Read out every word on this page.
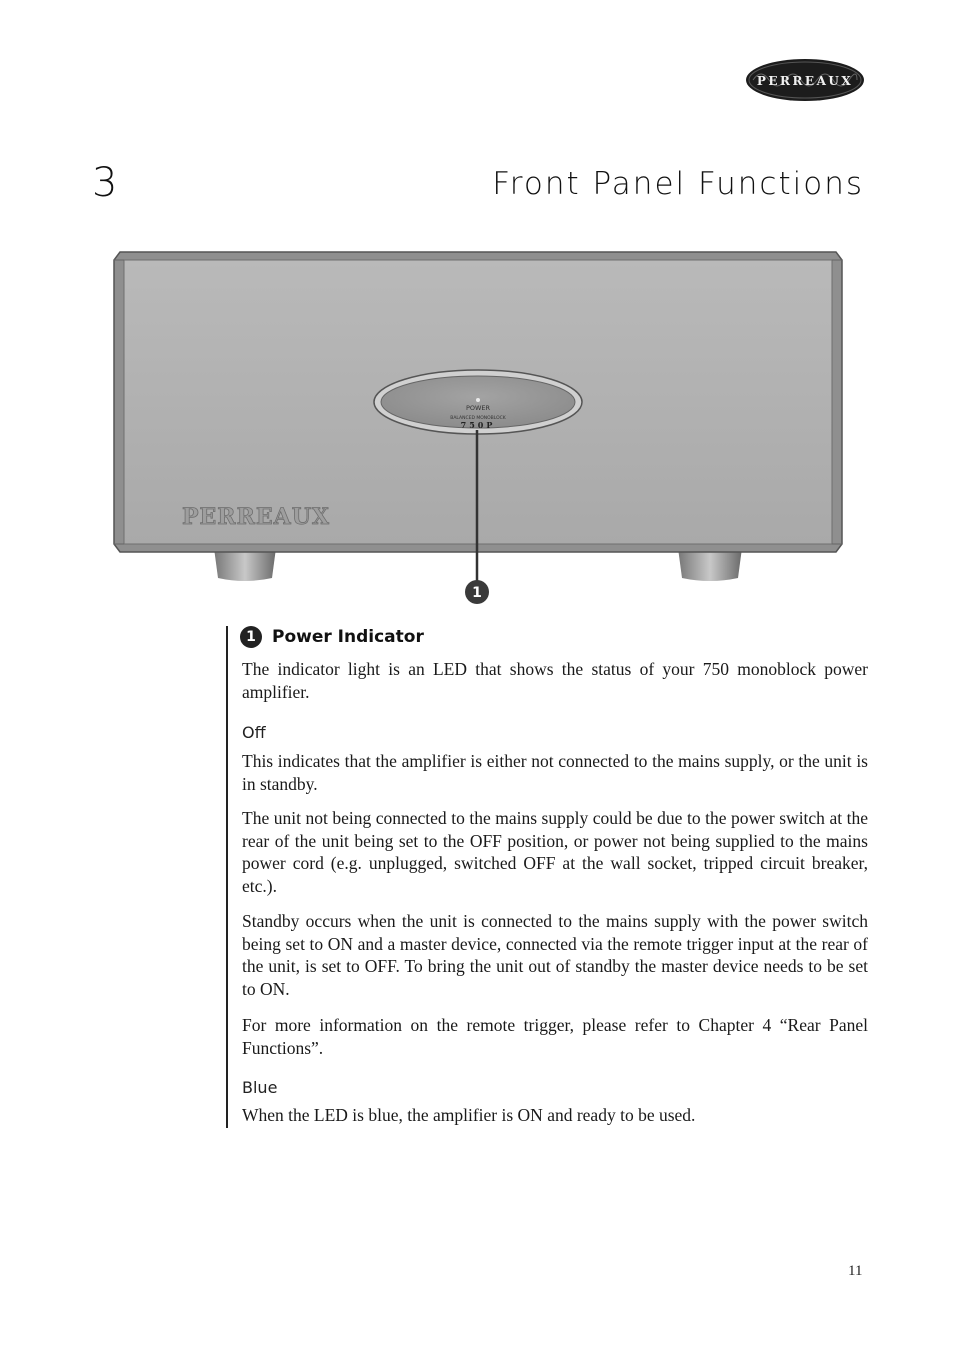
PERREAUX
3	Front Panel Functions
POWER
BALANCED MONOBLOCK
750P
PERREAUX
1
1 Power Indicator

The indicator light is an LED that shows the status of your 750 monoblock power amplifier.

Off

This indicates that the amplifier is either not connected to the mains supply, or the unit is in standby.

The unit not being connected to the mains supply could be due to the power switch at the rear of the unit being set to the OFF position, or power not being supplied to the mains power cord (e.g. unplugged, switched OFF at the wall socket, tripped circuit breaker, etc.).

Standby occurs when the unit is connected to the mains supply with the power switch being set to ON and a master device, connected via the remote trigger input at the rear of the unit, is set to OFF. To bring the unit out of standby the master device needs to be set to ON.

For more information on the remote trigger, please refer to Chapter 4 “Rear Panel Functions”.

Blue

When the LED is blue, the amplifier is ON and ready to be used.

11
